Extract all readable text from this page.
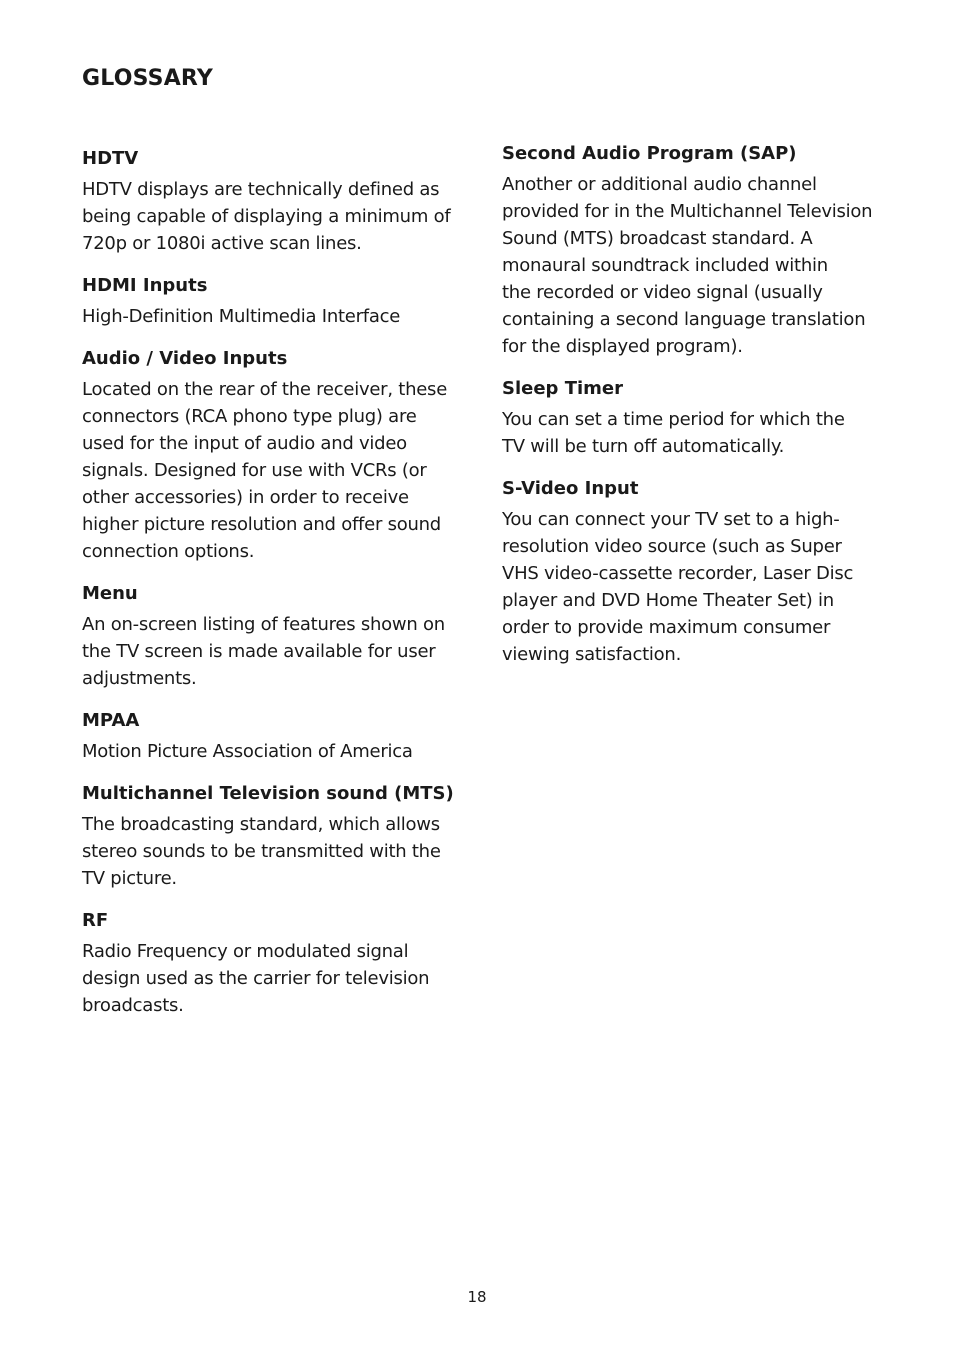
GLOSSARY
HDTV

HDTV displays are technically defined as
being capable of displaying a minimum of
720p or 1080i active scan lines.

HDMI Inputs

High-Definition Multimedia Interface

Audio / Video Inputs

Located on the rear of the receiver, these
connectors (RCA phono type plug) are
used for the input of audio and video
signals. Designed for use with VCRs (or
other accessories) in order to receive
higher picture resolution and offer sound
connection options.

Menu

An on-screen listing of features shown on
the TV screen is made available for user
adjustments.

MPAA

Motion Picture Association of America

Multichannel Television sound (MTS)

The broadcasting standard, which allows
stereo sounds to be transmitted with the
TV picture.

RF

Radio Frequency or modulated signal
design used as the carrier for television
broadcasts.

Second Audio Program (SAP)

Another or additional audio channel
provided for in the Multichannel Television
Sound (MTS) broadcast standard. A
monaural soundtrack included within
the recorded or video signal (usually
containing a second language translation
for the displayed program).

Sleep Timer

You can set a time period for which the
TV will be turn off automatically.

S-Video Input

You can connect your TV set to a high-
resolution video source (such as Super
VHS video-cassette recorder, Laser Disc
player and DVD Home Theater Set) in
order to provide maximum consumer
viewing satisfaction.

18
